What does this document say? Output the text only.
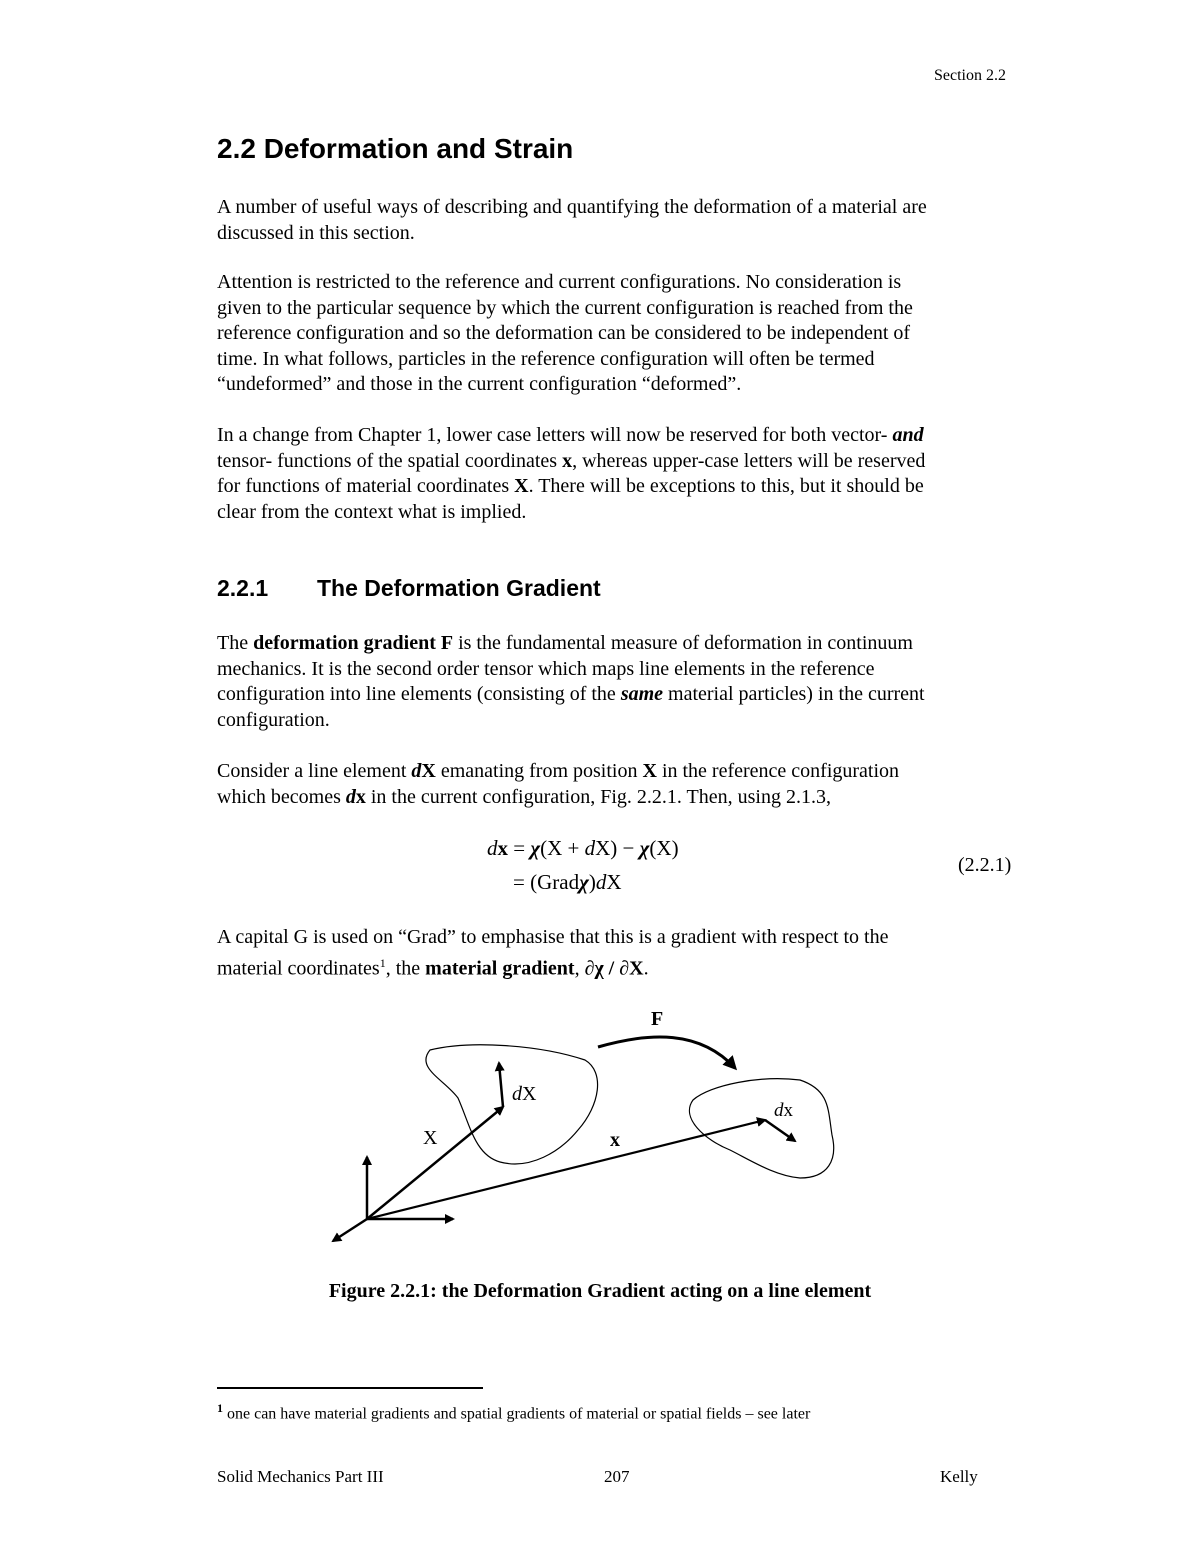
Section 2.2
2.2 Deformation and Strain

A number of useful ways of describing and quantifying the deformation of a material are

discussed in this section.

Attention is restricted to the reference and current configurations. No consideration is

given to the particular sequence by which the current configuration is reached from the

reference configuration and so the deformation can be considered to be independent of

time. In what follows, particles in the reference configuration will often be termed

“undeformed” and those in the current configuration “deformed”.

In a change from Chapter 1, lower case letters will now be reserved for both vector- and

tensor- functions of the spatial coordinates x, whereas upper-case letters will be reserved

for functions of material coordinates X. There will be exceptions to this, but it should be

clear from the context what is implied.

2.2.1 The Deformation Gradient

The deformation gradient F is the fundamental measure of deformation in continuum

mechanics. It is the second order tensor which maps line elements in the reference

configuration into line elements (consisting of the same material particles) in the current

configuration.

Consider a line element dX emanating from position X in the reference configuration

which becomes dx in the current configuration, Fig. 2.2.1. Then, using 2.1.3,

dx = χ(X + dX) − χ(X)
= (Gradχ)dX
(2.2.1)

A capital G is used on “Grad” to emphasise that this is a gradient with respect to the

material coordinates$^1$, the material gradient, ∂χ / ∂X.

F
dX
dx
X	x
Figure 2.2.1: the Deformation Gradient acting on a line element
$^1$ one can have material gradients and spatial gradients of material or spatial fields – see later
Solid Mechanics Part III	207	Kelly
